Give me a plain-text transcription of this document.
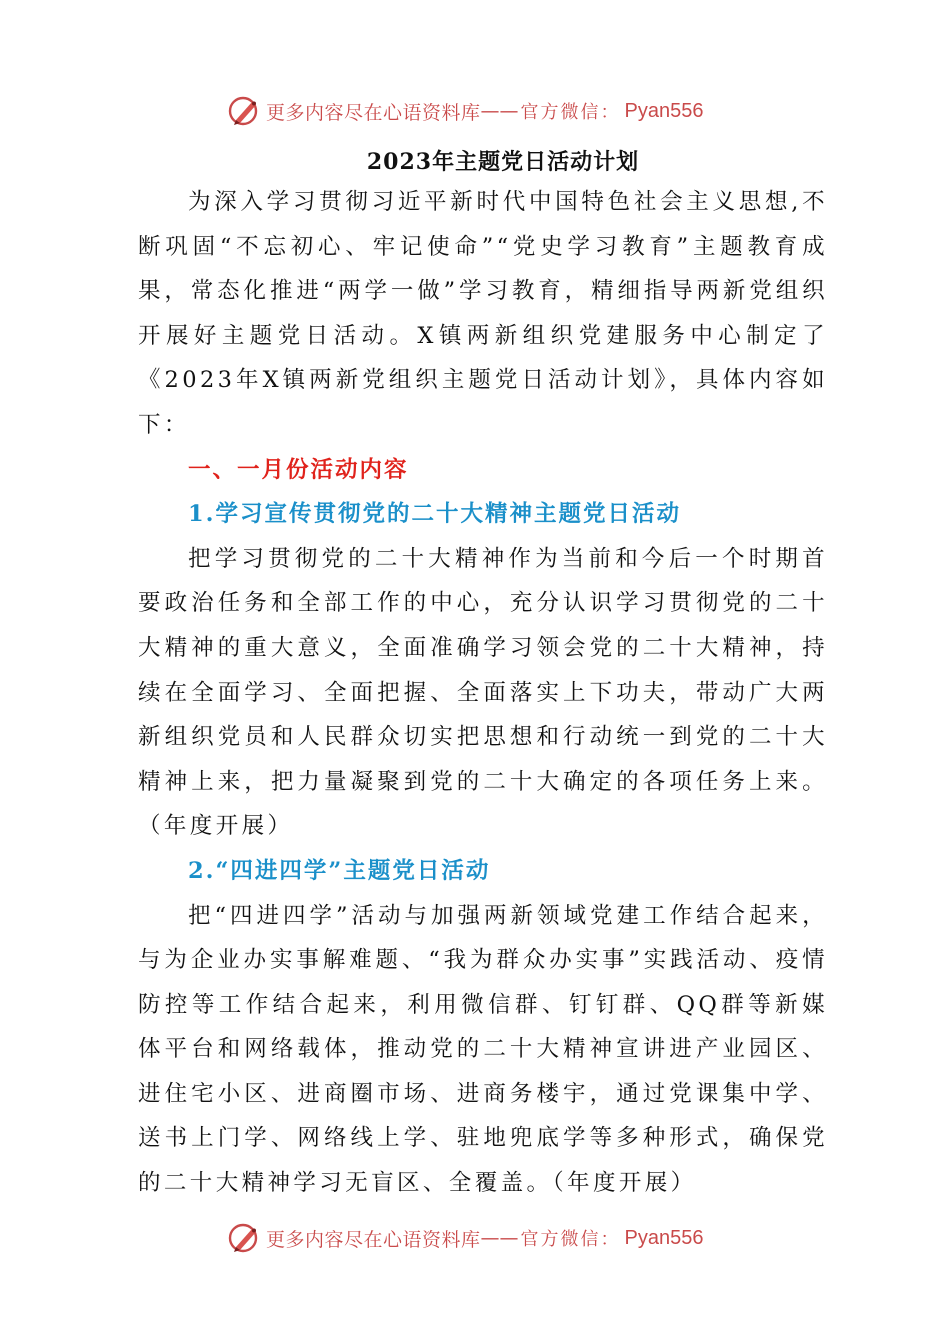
更多内容尽在心语资料库 —— 官方微信： Pyan556
2023年主题党日活动计划

为深入学习贯彻习近平新时代中国特色社会主义思想,不断巩固“不忘初心、牢记使命”“党史学习教育”主题教育成果，常态化推进“两学一做”学习教育，精细指导两新党组织开展好主题党日活动。X镇两新组织党建服务中心制定了《2023年X镇两新党组织主题党日活动计划》，具体内容如下：

一、一月份活动内容

1.学习宣传贯彻党的二十大精神主题党日活动

把学习贯彻党的二十大精神作为当前和今后一个时期首要政治任务和全部工作的中心，充分认识学习贯彻党的二十大精神的重大意义，全面准确学习领会党的二十大精神，持续在全面学习、全面把握、全面落实上下功夫，带动广大两新组织党员和人民群众切实把思想和行动统一到党的二十大精神上来，把力量凝聚到党的二十大确定的各项任务上来。（年度开展）

2.“四进四学”主题党日活动

把“四进四学”活动与加强两新领域党建工作结合起来，与为企业办实事解难题、“我为群众办实事”实践活动、疫情防控等工作结合起来，利用微信群、钉钉群、QQ群等新媒体平台和网络载体，推动党的二十大精神宣讲进产业园区、进住宅小区、进商圈市场、进商务楼宇，通过党课集中学、送书上门学、网络线上学、驻地兜底学等多种形式，确保党的二十大精神学习无盲区、全覆盖。（年度开展）

更多内容尽在心语资料库 —— 官方微信： Pyan556
